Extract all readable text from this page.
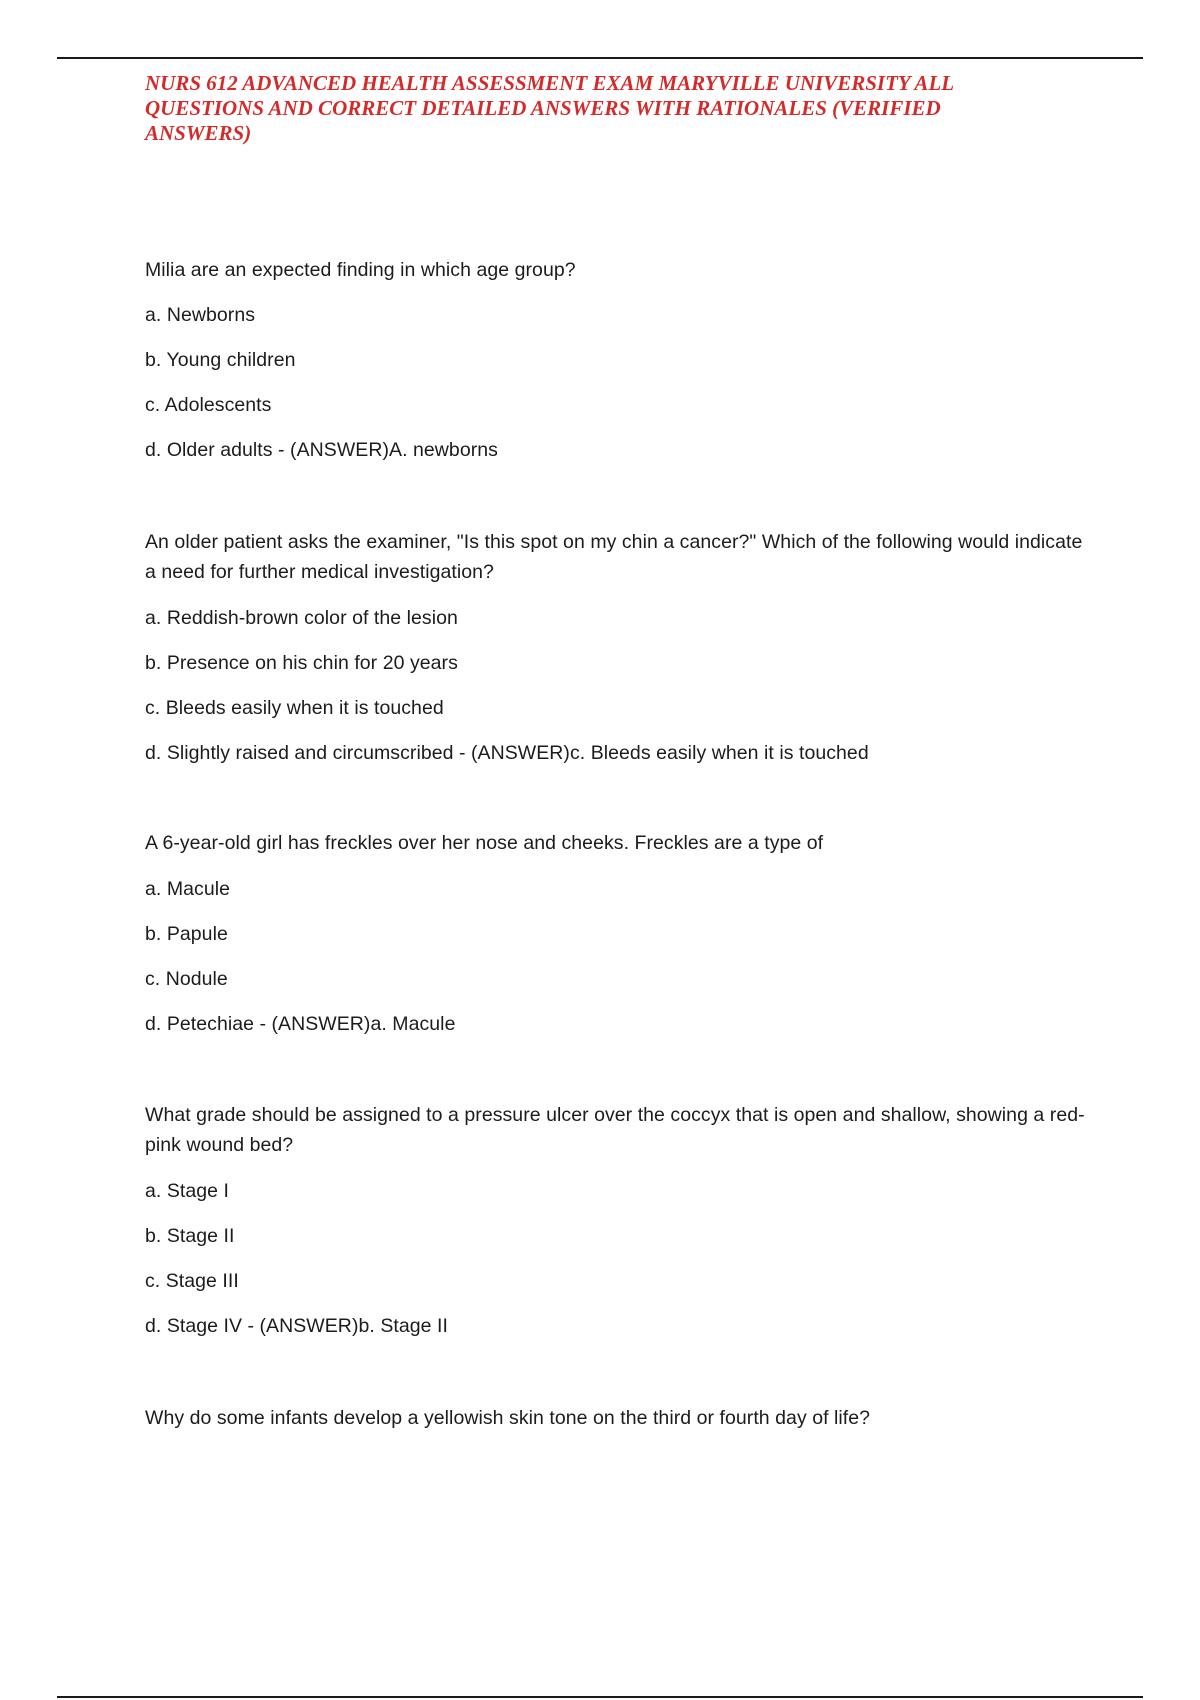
NURS 612 ADVANCED HEALTH ASSESSMENT EXAM MARYVILLE UNIVERSITY ALL QUESTIONS AND CORRECT DETAILED ANSWERS WITH RATIONALES (VERIFIED ANSWERS)

Milia are an expected finding in which age group?

a. Newborns

b. Young children

c. Adolescents

d. Older adults - (ANSWER)A. newborns

An older patient asks the examiner, "Is this spot on my chin a cancer?" Which of the following would indicate a need for further medical investigation?

a. Reddish-brown color of the lesion

b. Presence on his chin for 20 years

c. Bleeds easily when it is touched

d. Slightly raised and circumscribed - (ANSWER)c. Bleeds easily when it is touched

A 6-year-old girl has freckles over her nose and cheeks. Freckles are a type of

a. Macule

b. Papule

c. Nodule

d. Petechiae - (ANSWER)a. Macule

What grade should be assigned to a pressure ulcer over the coccyx that is open and shallow, showing a red-pink wound bed?

a. Stage I

b. Stage II

c. Stage III

d. Stage IV - (ANSWER)b. Stage II

Why do some infants develop a yellowish skin tone on the third or fourth day of life?
